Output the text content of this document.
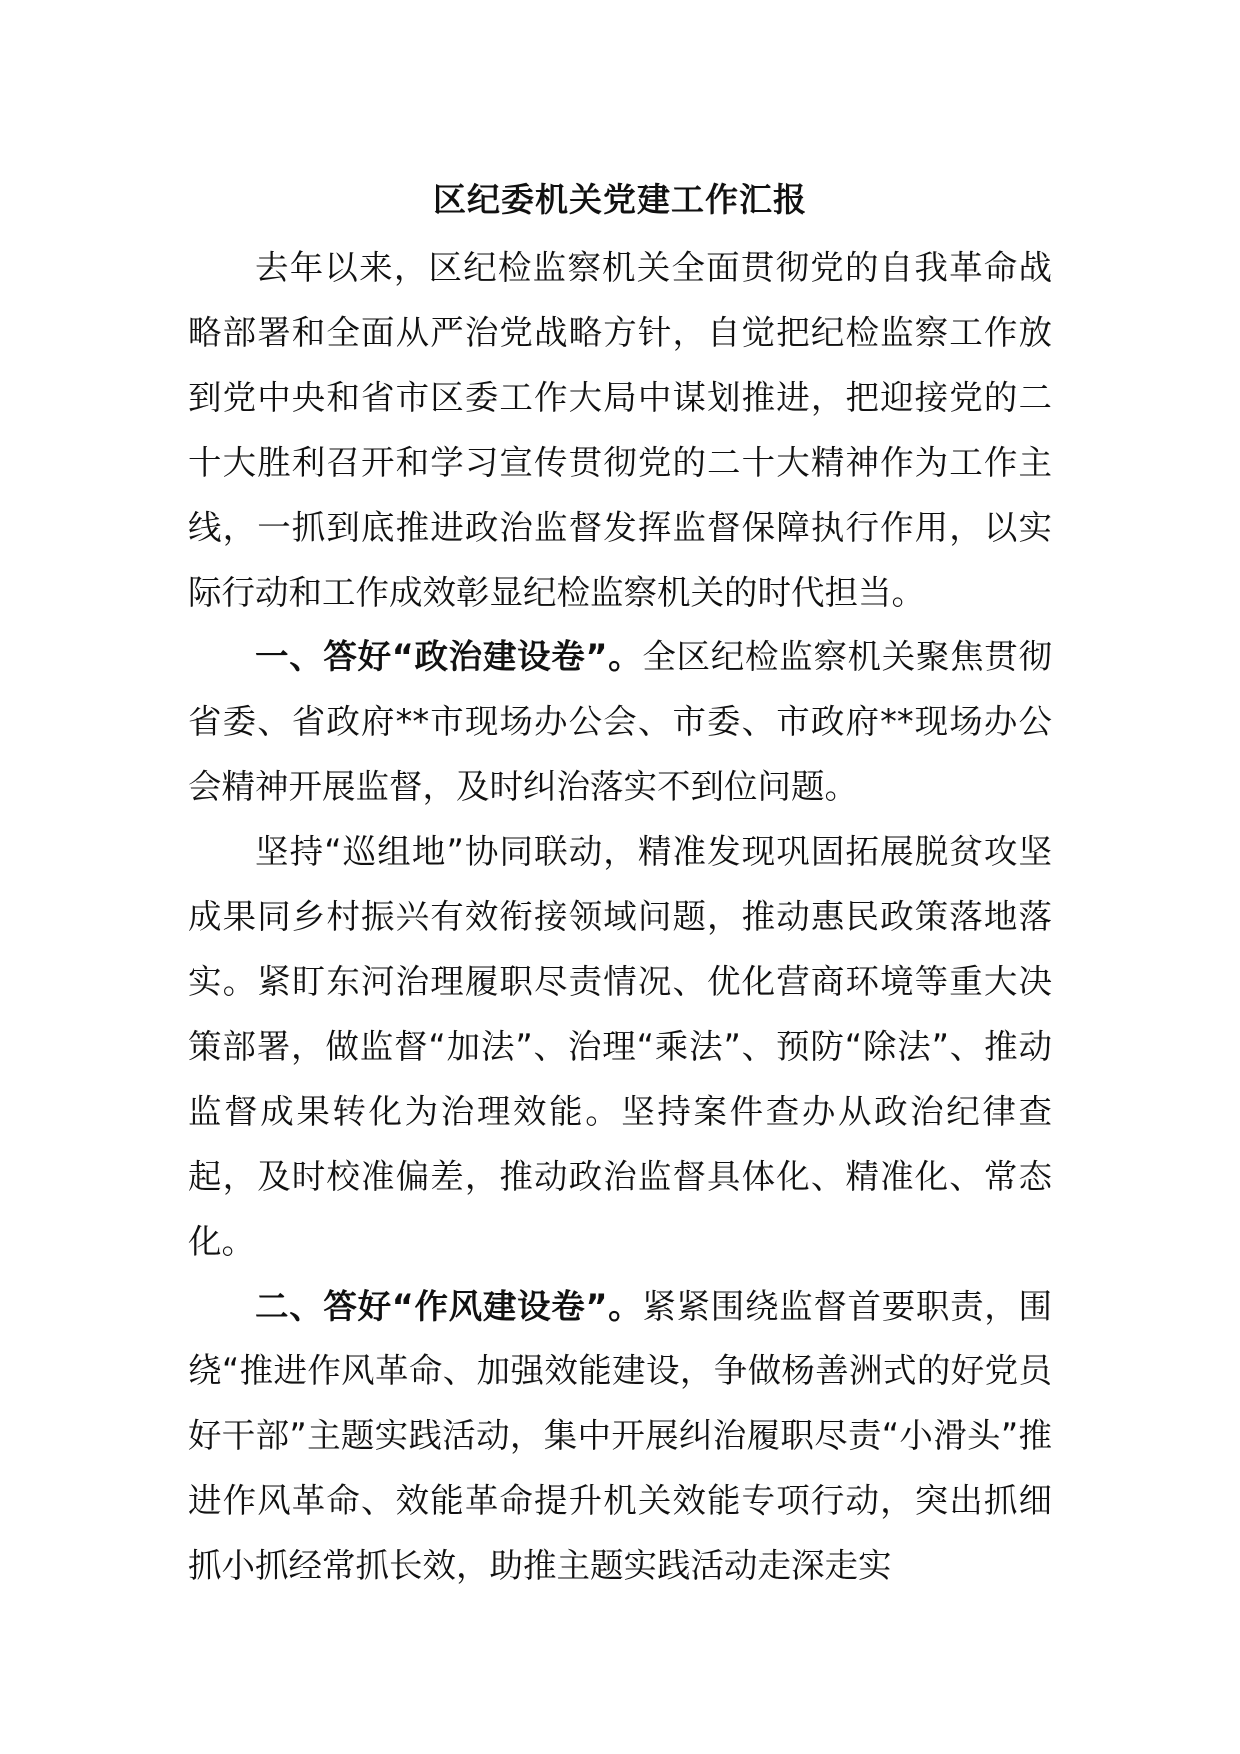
区纪委机关党建工作汇报

去年以来，区纪检监察机关全面贯彻党的自我革命战略部署和全面从严治党战略方针，自觉把纪检监察工作放到党中央和省市区委工作大局中谋划推进，把迎接党的二十大胜利召开和学习宣传贯彻党的二十大精神作为工作主线，一抓到底推进政治监督发挥监督保障执行作用，以实际行动和工作成效彰显纪检监察机关的时代担当。

一、答好“政治建设卷”。全区纪检监察机关聚焦贯彻省委、省政府**市现场办公会、市委、市政府**现场办公会精神开展监督，及时纠治落实不到位问题。

坚持“巡组地”协同联动，精准发现巩固拓展脱贫攻坚成果同乡村振兴有效衔接领域问题，推动惠民政策落地落实。紧盯东河治理履职尽责情况、优化营商环境等重大决策部署，做监督“加法”、治理“乘法”、预防“除法”、推动监督成果转化为治理效能。坚持案件查办从政治纪律查起，及时校准偏差，推动政治监督具体化、精准化、常态化。

二、答好“作风建设卷”。紧紧围绕监督首要职责，围绕“推进作风革命、加强效能建设，争做杨善洲式的好党员好干部”主题实践活动，集中开展纠治履职尽责“小滑头”推进作风革命、效能革命提升机关效能专项行动，突出抓细抓小抓经常抓长效，助推主题实践活动走深走实
